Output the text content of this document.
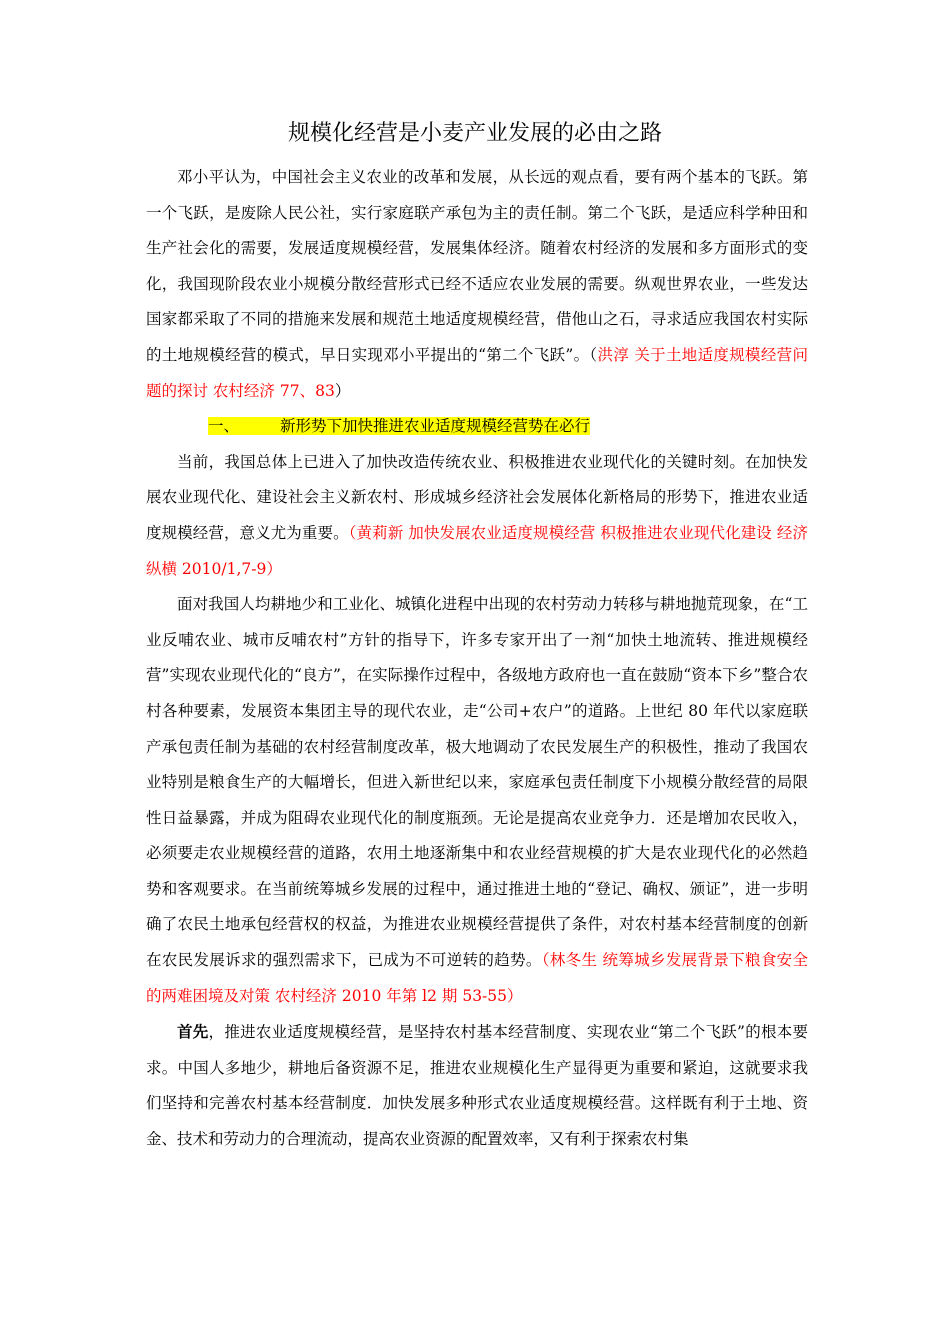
规模化经营是小麦产业发展的必由之路

邓小平认为，中国社会主义农业的改革和发展，从长远的观点看，要有两个基本的飞跃。第一个飞跃，是废除人民公社，实行家庭联产承包为主的责任制。第二个飞跃，是适应科学种田和生产社会化的需要，发展适度规模经营，发展集体经济。随着农村经济的发展和多方面形式的变化，我国现阶段农业小规模分散经营形式已经不适应农业发展的需要。纵观世界农业，一些发达国家都采取了不同的措施来发展和规范土地适度规模经营，借他山之石，寻求适应我国农村实际的土地规模经营的模式，早日实现邓小平提出的“第二个飞跃”。（洪淳 关于土地适度规模经营问题的探讨 农村经济 77、83）

一、	新形势下加快推进农业适度规模经营势在必行

当前，我国总体上已进入了加快改造传统农业、积极推进农业现代化的关键时刻。在加快发展农业现代化、建设社会主义新农村、形成城乡经济社会发展体化新格局的形势下，推进农业适度规模经营，意义尤为重要。（黄莉新 加快发展农业适度规模经营 积极推进农业现代化建设 经济纵横 2010/1,7-9）

面对我国人均耕地少和工业化、城镇化进程中出现的农村劳动力转移与耕地抛荒现象，在“工业反哺农业、城市反哺农村”方针的指导下，许多专家开出了一剂“加快土地流转、推进规模经营”实现农业现代化的“良方”，在实际操作过程中，各级地方政府也一直在鼓励“资本下乡”整合农村各种要素，发展资本集团主导的现代农业，走“公司+农户”的道路。上世纪 80 年代以家庭联产承包责任制为基础的农村经营制度改革，极大地调动了农民发展生产的积极性，推动了我国农业特别是粮食生产的大幅增长，但进入新世纪以来，家庭承包责任制度下小规模分散经营的局限性日益暴露，并成为阻碍农业现代化的制度瓶颈。无论是提高农业竞争力．还是增加农民收入，必须要走农业规模经营的道路，农用土地逐渐集中和农业经营规模的扩大是农业现代化的必然趋势和客观要求。在当前统筹城乡发展的过程中，通过推进土地的“登记、确权、颁证”，进一步明确了农民土地承包经营权的权益，为推进农业规模经营提供了条件，对农村基本经营制度的创新在农民发展诉求的强烈需求下，已成为不可逆转的趋势。（林冬生 统筹城乡发展背景下粮食安全的两难困境及对策 农村经济 2010 年第 l2 期 53-55）

首先，推进农业适度规模经营，是坚持农村基本经营制度、实现农业“第二个飞跃”的根本要求。中国人多地少，耕地后备资源不足，推进农业规模化生产显得更为重要和紧迫，这就要求我们坚持和完善农村基本经营制度．加快发展多种形式农业适度规模经营。这样既有利于土地、资金、技术和劳动力的合理流动，提高农业资源的配置效率，又有利于探索农村集
